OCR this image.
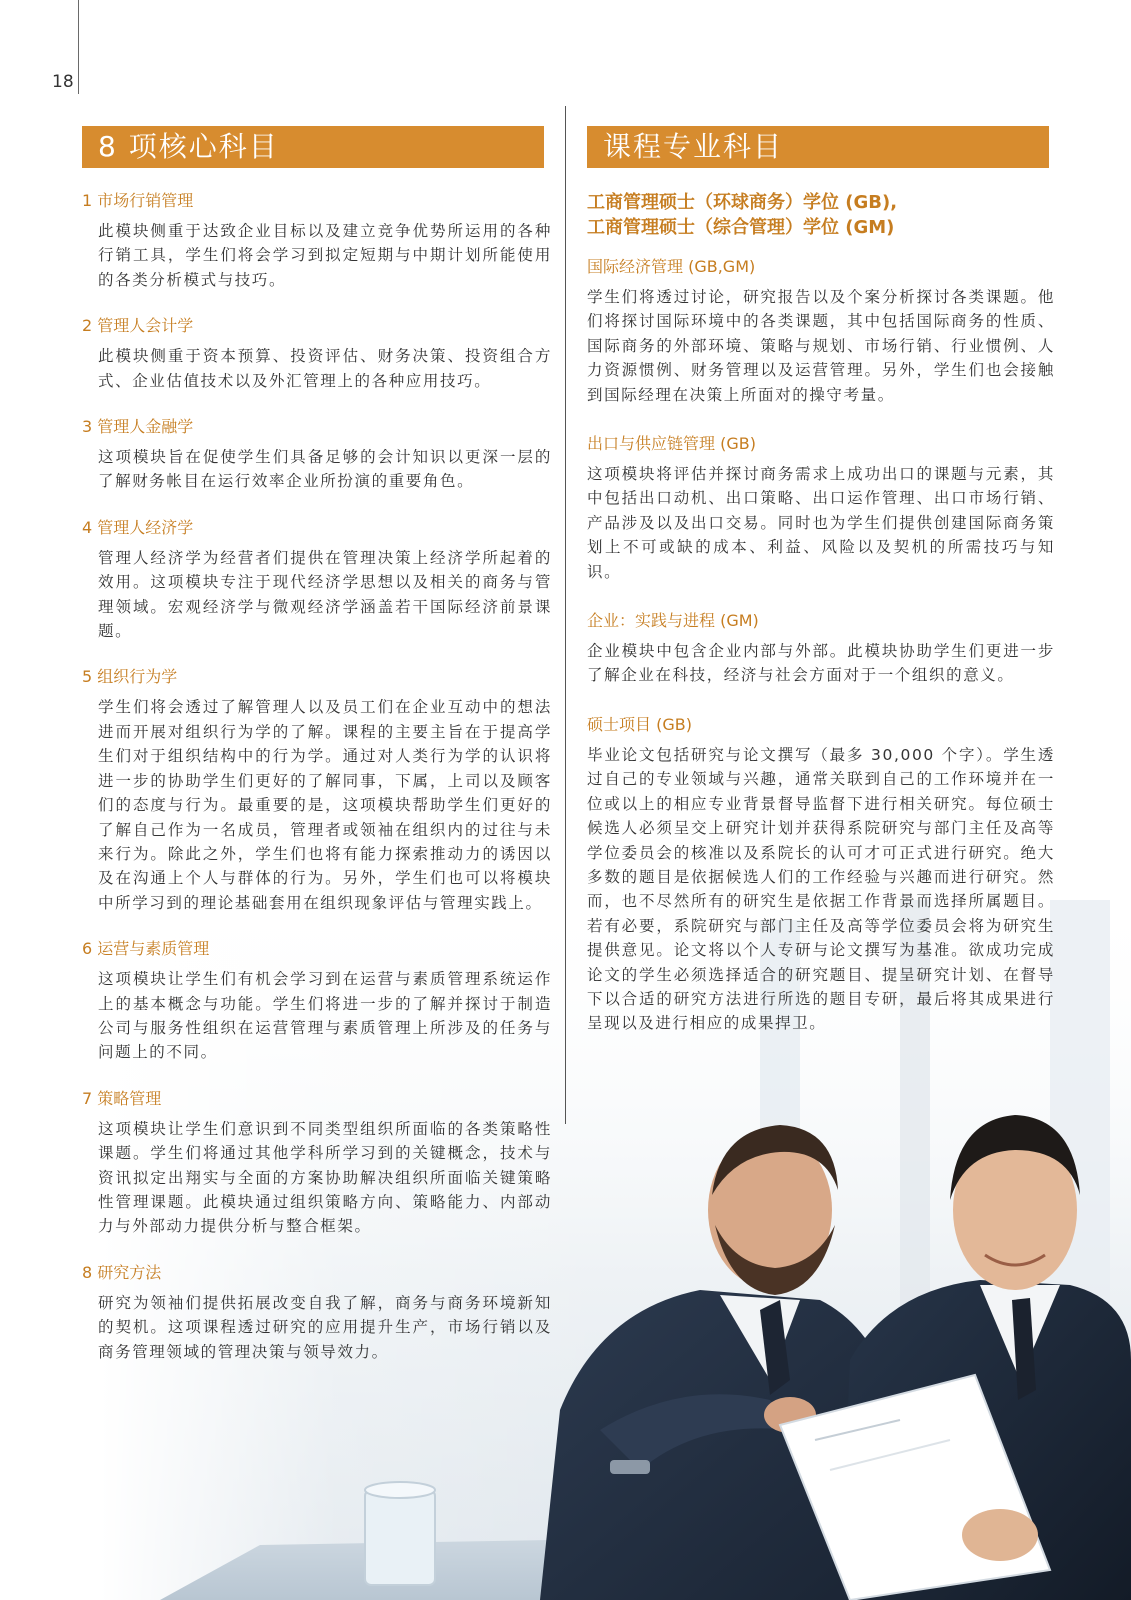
18
8 项核心科目	课程专业科目
1 市场行销管理

此模块侧重于达致企业目标以及建立竞争优势所运用的各种行销工具，学生们将会学习到拟定短期与中期计划所能使用的各类分析模式与技巧。

2 管理人会计学

此模块侧重于资本预算、投资评估、财务决策、投资组合方式、企业估值技术以及外汇管理上的各种应用技巧。

3 管理人金融学

这项模块旨在促使学生们具备足够的会计知识以更深一层的了解财务帐目在运行效率企业所扮演的重要角色。

4 管理人经济学

管理人经济学为经营者们提供在管理决策上经济学所起着的效用。这项模块专注于现代经济学思想以及相关的商务与管理领域。宏观经济学与微观经济学涵盖若干国际经济前景课题。

5 组织行为学

学生们将会透过了解管理人以及员工们在企业互动中的想法进而开展对组织行为学的了解。课程的主要主旨在于提高学生们对于组织结构中的行为学。通过对人类行为学的认识将进一步的协助学生们更好的了解同事，下属，上司以及顾客们的态度与行为。最重要的是，这项模块帮助学生们更好的了解自己作为一名成员，管理者或领袖在组织内的过往与未来行为。除此之外，学生们也将有能力探索推动力的诱因以及在沟通上个人与群体的行为。另外，学生们也可以将模块中所学习到的理论基础套用在组织现象评估与管理实践上。

6 运营与素质管理

这项模块让学生们有机会学习到在运营与素质管理系统运作上的基本概念与功能。学生们将进一步的了解并探讨于制造公司与服务性组织在运营管理与素质管理上所涉及的任务与问题上的不同。

7 策略管理

这项模块让学生们意识到不同类型组织所面临的各类策略性课题。学生们将通过其他学科所学习到的关键概念，技术与资讯拟定出翔实与全面的方案协助解决组织所面临关键策略性管理课题。此模块通过组织策略方向、策略能力、内部动力与外部动力提供分析与整合框架。

8 研究方法

研究为领袖们提供拓展改变自我了解，商务与商务环境新知的契机。这项课程透过研究的应用提升生产，市场行销以及商务管理领域的管理决策与领导效力。

工商管理硕士（环球商务）学位 (GB),
工商管理硕士（综合管理）学位 (GM)
国际经济管理 (GB,GM)

学生们将透过讨论，研究报告以及个案分析探讨各类课题。他们将探讨国际环境中的各类课题，其中包括国际商务的性质、国际商务的外部环境、策略与规划、市场行销、行业惯例、人力资源惯例、财务管理以及运营管理。另外，学生们也会接触到国际经理在决策上所面对的操守考量。

出口与供应链管理 (GB)

这项模块将评估并探讨商务需求上成功出口的课题与元素，其中包括出口动机、出口策略、出口运作管理、出口市场行销、产品涉及以及出口交易。同时也为学生们提供创建国际商务策划上不可或缺的成本、利益、风险以及契机的所需技巧与知识。

企业：实践与进程 (GM)

企业模块中包含企业内部与外部。此模块协助学生们更进一步了解企业在科技，经济与社会方面对于一个组织的意义。

硕士项目 (GB)

毕业论文包括研究与论文撰写（最多 30,000 个字）。学生透过自己的专业领域与兴趣，通常关联到自己的工作环境并在一位或以上的相应专业背景督导监督下进行相关研究。每位硕士候选人必须呈交上研究计划并获得系院研究与部门主任及高等学位委员会的核准以及系院长的认可才可正式进行研究。绝大多数的题目是依据候选人们的工作经验与兴趣而进行研究。然而，也不尽然所有的研究生是依据工作背景而选择所属题目。若有必要，系院研究与部门主任及高等学位委员会将为研究生提供意见。论文将以个人专研与论文撰写为基准。欲成功完成论文的学生必须选择适合的研究题目、提呈研究计划、在督导下以合适的研究方法进行所选的题目专研，最后将其成果进行呈现以及进行相应的成果捍卫。
